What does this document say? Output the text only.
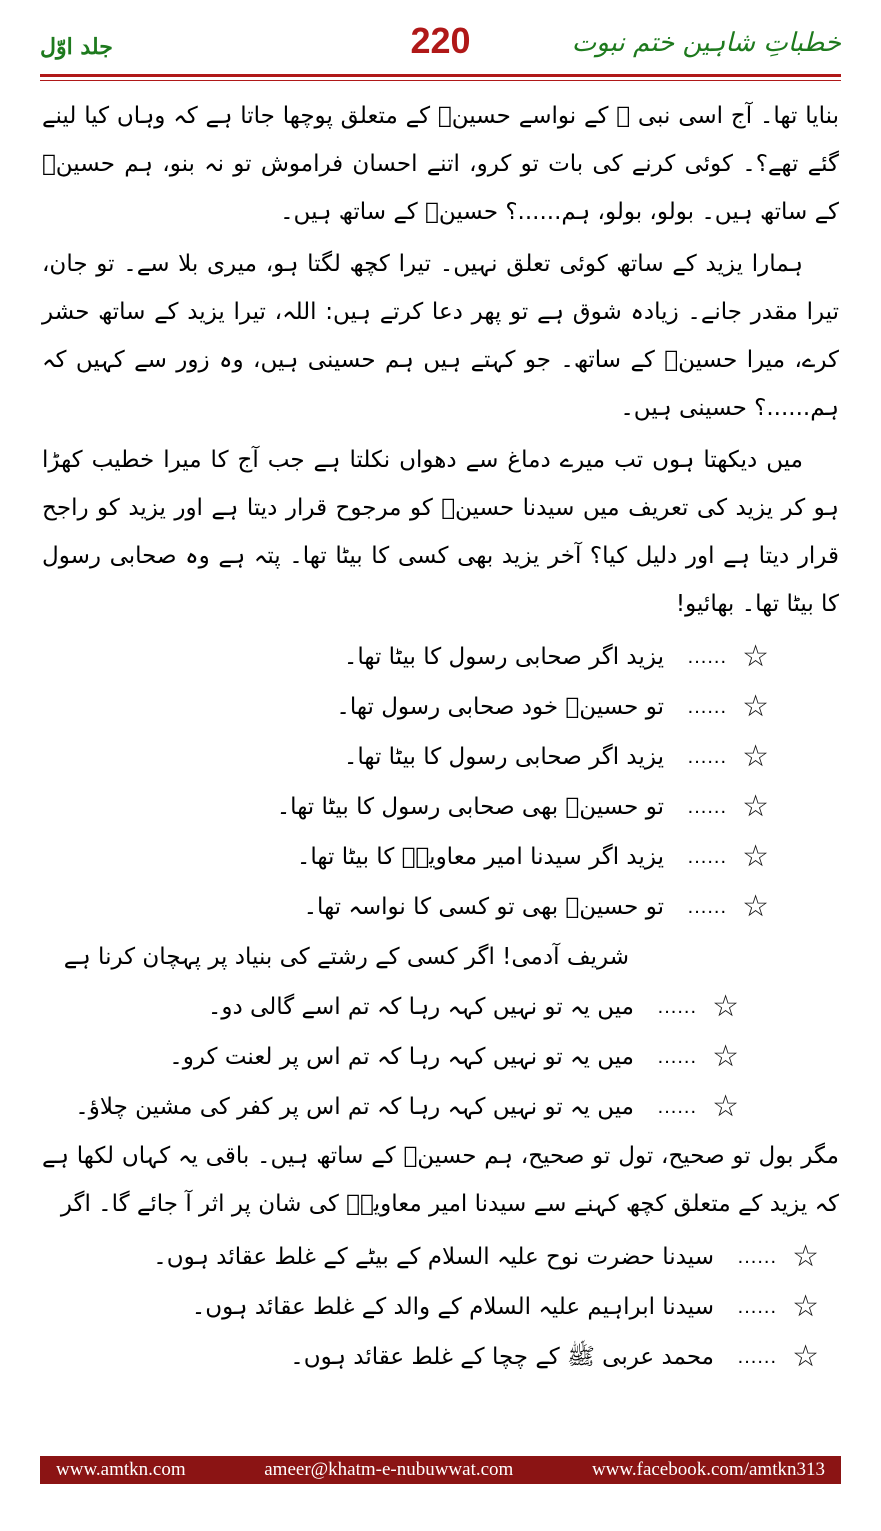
خطباتِ شاہین ختم نبوت
220
جلد اوّل

بنایا تھا۔ آج اسی نبی ﷺ کے نواسے حسینؓ کے متعلق پوچھا جاتا ہے کہ وہاں کیا لینے گئے تھے؟۔ کوئی کرنے کی بات تو کرو، اتنے احسان فراموش تو نہ بنو، ہم حسینؓ کے ساتھ ہیں۔ بولو، بولو، ہم......؟ حسینؓ کے ساتھ ہیں۔

ہمارا یزید کے ساتھ کوئی تعلق نہیں۔ تیرا کچھ لگتا ہو، میری بلا سے۔ تو جان، تیرا مقدر جانے۔ زیادہ شوق ہے تو پھر دعا کرتے ہیں: اللہ، تیرا یزید کے ساتھ حشر کرے، میرا حسینؓ کے ساتھ۔ جو کہتے ہیں ہم حسینی ہیں، وہ زور سے کہیں کہ ہم......؟ حسینی ہیں۔

میں دیکھتا ہوں تب میرے دماغ سے دھواں نکلتا ہے جب آج کا میرا خطیب کھڑا ہو کر یزید کی تعریف میں سیدنا حسینؓ کو مرجوح قرار دیتا ہے اور یزید کو راجح قرار دیتا ہے اور دلیل کیا؟ آخر یزید بھی کسی کا بیٹا تھا۔ پتہ ہے وہ صحابی رسول کا بیٹا تھا۔ بھائیو!

☆
......
یزید اگر صحابی رسول کا بیٹا تھا۔
☆
......
تو حسینؓ خود صحابی رسول تھا۔
☆
......
یزید اگر صحابی رسول کا بیٹا تھا۔
☆
......
تو حسینؓ بھی صحابی رسول کا بیٹا تھا۔
☆
......
یزید اگر سیدنا امیر معاویہؓ کا بیٹا تھا۔
☆
......
تو حسینؓ بھی تو کسی کا نواسہ تھا۔
شریف آدمی! اگر کسی کے رشتے کی بنیاد پر پہچان کرنا ہے
☆
......
میں یہ تو نہیں کہہ رہا کہ تم اسے گالی دو۔
☆
......
میں یہ تو نہیں کہہ رہا کہ تم اس پر لعنت کرو۔
☆
......
میں یہ تو نہیں کہہ رہا کہ تم اس پر کفر کی مشین چلاؤ۔

مگر بول تو صحیح، تول تو صحیح، ہم حسینؓ کے ساتھ ہیں۔ باقی یہ کہاں لکھا ہے کہ یزید کے متعلق کچھ کہنے سے سیدنا امیر معاویہؓ کی شان پر اثر آ جائے گا۔ اگر

☆
......
سیدنا حضرت نوح علیہ السلام کے بیٹے کے غلط عقائد ہوں۔
☆
......
سیدنا ابراہیم علیہ السلام کے والد کے غلط عقائد ہوں۔
☆
......
محمد عربی ﷺ کے چچا کے غلط عقائد ہوں۔
www.amtkn.com	ameer@khatm-e-nubuwwat.com	www.facebook.com/amtkn313
